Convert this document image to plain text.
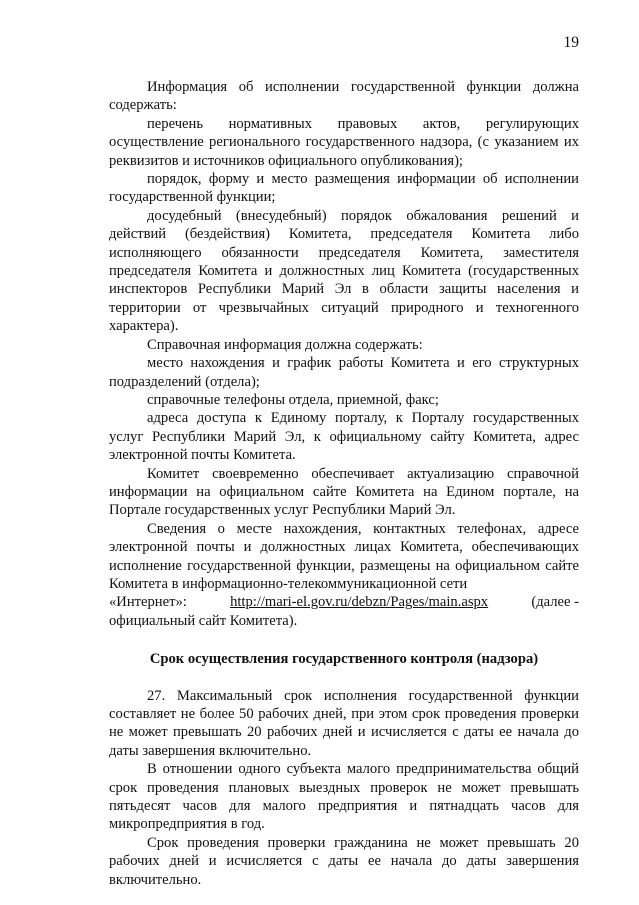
19

Информация об исполнении государственной функции должна содержать:

перечень нормативных правовых актов, регулирующих осуществление регионального государственного надзора, (с указанием их реквизитов и источников официального опубликования);

порядок, форму и место размещения информации об исполнении государственной функции;

досудебный (внесудебный) порядок обжалования решений и действий (бездействия) Комитета, председателя Комитета либо исполняющего обязанности председателя Комитета, заместителя председателя Комитета и должностных лиц Комитета (государственных инспекторов Республики Марий Эл в области защиты населения и территории от чрезвычайных ситуаций природного и техногенного характера).

Справочная информация должна содержать:

место нахождения и график работы Комитета и его структурных подразделений (отдела);

справочные телефоны отдела, приемной, факс;

адреса доступа к Единому порталу, к Порталу государственных услуг Республики Марий Эл, к официальному сайту Комитета, адрес электронной почты Комитета.

Комитет своевременно обеспечивает актуализацию справочной информации на официальном сайте Комитета на Едином портале, на Портале государственных услуг Республики Марий Эл.

Сведения о месте нахождения, контактных телефонах, адресе электронной почты и должностных лицах Комитета, обеспечивающих исполнение государственной функции, размещены на официальном сайте Комитета в информационно-телекоммуникационной сети

«Интернет»:	http://mari-el.gov.ru/debzn/Pages/main.aspx	(далее -

официальный сайт Комитета).

Срок осуществления государственного контроля (надзора)

27. Максимальный срок исполнения государственной функции составляет не более 50 рабочих дней, при этом срок проведения проверки не может превышать 20 рабочих дней и исчисляется с даты ее начала до даты завершения включительно.

В отношении одного субъекта малого предпринимательства общий срок проведения плановых выездных проверок не может превышать пятьдесят часов для малого предприятия и пятнадцать часов для микропредприятия в год.

Срок проведения проверки гражданина не может превышать 20 рабочих дней и исчисляется с даты ее начала до даты завершения включительно.
